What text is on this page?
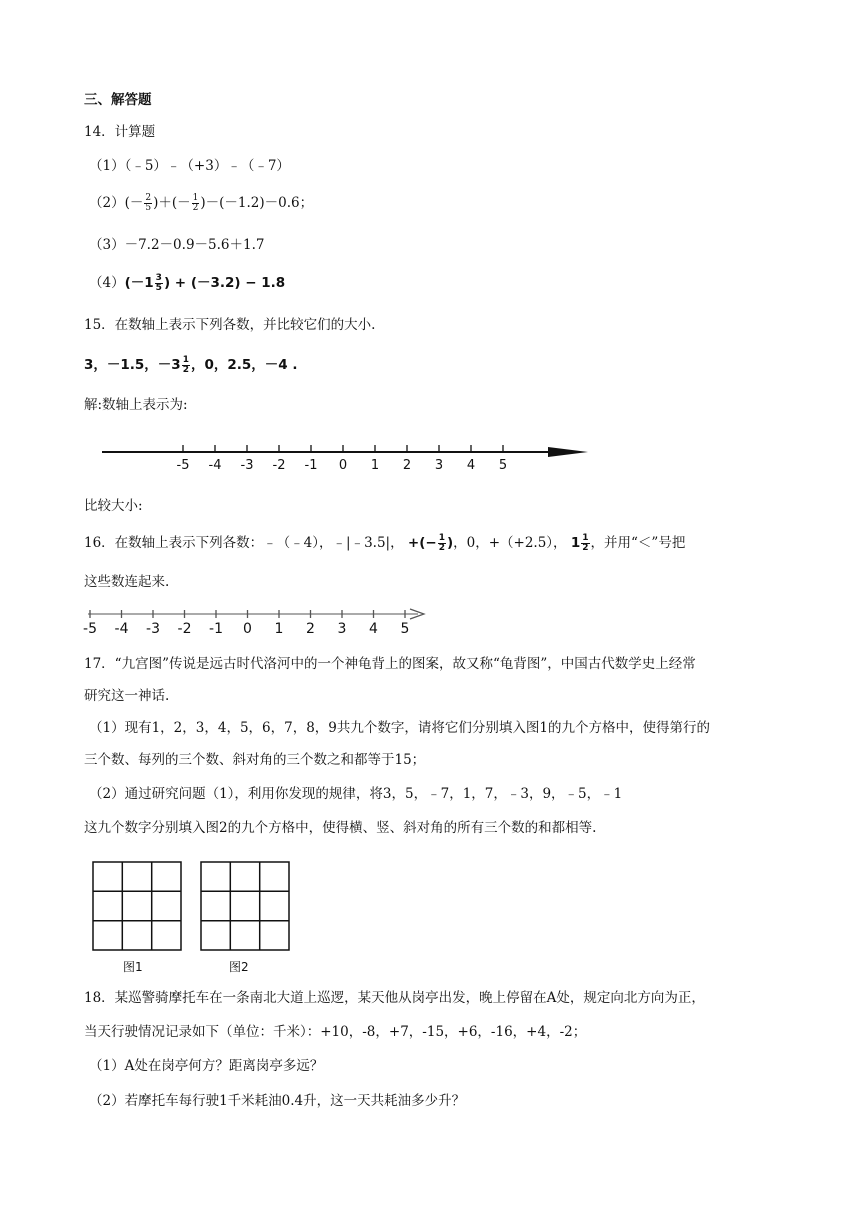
三、解答题
14．计算题
（1）（﹣5）﹣（+3）﹣（﹣7）
$(2)(- \frac{2}{5}$ )＋(－ $\frac{1}{2} )-(-1.2)-0.6$；
（3）－7.2－0.9－5.6＋1.7
$(4)(-1 \frac{3}{5}$ ) + (－3.2) − 1.8
15．在数轴上表示下列各数，并比较它们的大小.
3，－1.5，$-3 \frac{1}{2}$ ，0，2.5，－4 .
解:数轴上表示为:
-5 -4 -3 -2 -1 0 1 2 3 4 5
比较大小:
16．在数轴上表示下列各数：﹣（﹣4），﹣|﹣3.5|， +(− $\frac{1}{2}$ )，0，+（+2.5）， $1 \frac{1}{2}$ ，并用“＜”号把
这些数连起来.
-5 -4 -3 -2 -1 0 1 2 3 4 5
17．“九宫图”传说是远古时代洛河中的一个神龟背上的图案，故又称“龟背图”，中国古代数学史上经常
研究这一神话.
（1）现有1，2，3，4，5，6，7，8，9共九个数字，请将它们分别填入图1的九个方格中，使得第行的
三个数、每列的三个数、斜对角的三个数之和都等于15；
（2）通过研究问题（1），利用你发现的规律，将3，5，﹣7，1，7，﹣3，9，﹣5，﹣1
这九个数字分别填入图2的九个方格中，使得横、竖、斜对角的所有三个数的和都相等.
图1	图2
18．某巡警骑摩托车在一条南北大道上巡逻，某天他从岗亭出发，晚上停留在A处，规定向北方向为正，
当天行驶情况记录如下（单位：千米）：+10，-8，+7，-15，+6，-16，+4，-2；
（1）A处在岗亭何方？距离岗亭多远？
（2）若摩托车每行驶1千米耗油0.4升，这一天共耗油多少升？
